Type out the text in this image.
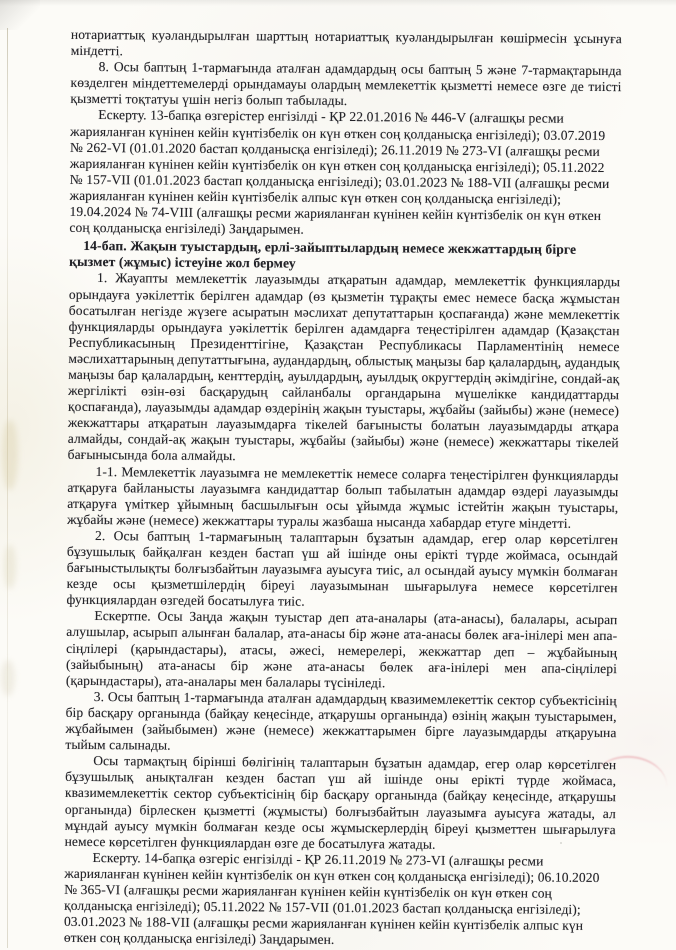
нотариаттық куәландырылған шарттың нотариаттық куәландырылған көшірмесін ұсынуға міндетті.

8. Осы баптың 1-тармағында аталған адамдардың осы баптың 5 және 7-тармақтарында көзделген міндеттемелерді орындамауы олардың мемлекеттік қызметті немесе өзге де тиісті қызметті тоқтатуы үшін негіз болып табылады.

Ескерту. 13-бапқа өзгерістер енгізілді - ҚР 22.01.2016 № 446-V (алғашқы ресми жарияланған күнінен кейін күнтізбелік он күн өткен соң қолданысқа енгізіледі); 03.07.2019 № 262-VI (01.01.2020 бастап қолданысқа енгізіледі); 26.11.2019 № 273-VI (алғашқы ресми жарияланған күнінен кейін күнтізбелік он күн өткен соң қолданысқа енгізіледі); 05.11.2022 № 157-VII (01.01.2023 бастап қолданысқа енгізіледі); 03.01.2023 № 188-VII (алғашқы ресми жарияланған күнінен кейін күнтізбелік алпыс күн өткен соң қолданысқа енгізіледі); 19.04.2024 № 74-VIII (алғашқы ресми жарияланған күнінен кейін күнтізбелік он күн өткен соң қолданысқа енгізіледі) Заңдарымен.

14-бап. Жақын туыстардың, ерлі-зайыптылардың немесе жекжаттардың бірге қызмет (жұмыс) істеуіне жол бермеу

1. Жауапты мемлекеттік лауазымды атқаратын адамдар, мемлекеттік функцияларды орындауға уәкілеттік берілген адамдар (өз қызметін тұрақты емес немесе басқа жұмыстан босатылған негізде жүзеге асыратын мәслихат депутаттарын қоспағанда) және мемлекеттік функцияларды орындауға уәкілеттік берілген адамдарға теңестірілген адамдар (Қазақстан Республикасының Президенттігіне, Қазақстан Республикасы Парламентінің немесе мәслихаттарының депутаттығына, аудандардың, облыстық маңызы бар қалалардың, аудандық маңызы бар қалалардың, кенттердің, ауылдардың, ауылдық округтердің әкімдігіне, сондай-ақ жергілікті өзін-өзі басқарудың сайланбалы органдарына мүшелікке кандидаттарды қоспағанда), лауазымды адамдар өздерінің жақын туыстары, жұбайы (зайыбы) және (немесе) жекжаттары атқаратын лауазымдарға тікелей бағынысты болатын лауазымдарды атқара алмайды, сондай-ақ жақын туыстары, жұбайы (зайыбы) және (немесе) жекжаттары тікелей бағынысында бола алмайды.

1-1. Мемлекеттік лауазымға не мемлекеттік немесе соларға теңестірілген функцияларды атқаруға байланысты лауазымға кандидаттар болып табылатын адамдар өздері лауазымды атқаруға үміткер ұйымның басшылығын осы ұйымда жұмыс істейтін жақын туыстары, жұбайы және (немесе) жекжаттары туралы жазбаша нысанда хабардар етуге міндетті.

2. Осы баптың 1-тармағының талаптарын бұзатын адамдар, егер олар көрсетілген бұзушылық байқалған кезден бастап үш ай ішінде оны ерікті түрде жоймаса, осындай бағыныстылықты болғызбайтын лауазымға ауысуға тиіс, ал осындай ауысу мүмкін болмаған кезде осы қызметшілердің біреуі лауазымынан шығарылуға немесе көрсетілген функциялардан өзгедей босатылуға тиіс.

Ескертпе. Осы Заңда жақын туыстар деп ата-аналары (ата-анасы), балалары, асырап алушылар, асырып алынған балалар, ата-анасы бір және ата-анасы бөлек аға-інілері мен апа-сіңлілері (қарындастары), атасы, әжесі, немерелері, жекжаттар деп – жұбайының (зайыбының) ата-анасы бір және ата-анасы бөлек аға-інілері мен апа-сіңлілері (қарындастары), ата-аналары мен балалары түсініледі.

3. Осы баптың 1-тармағында аталған адамдардың квазимемлекеттік сектор субъектісінің бір басқару органында (байқау кеңесінде, атқарушы органында) өзінің жақын туыстарымен, жұбайымен (зайыбымен) және (немесе) жекжаттарымен бірге лауазымдарды атқаруына тыйым салынады.

Осы тармақтың бірінші бөлігінің талаптарын бұзатын адамдар, егер олар көрсетілген бұзушылық анықталған кезден бастап үш ай ішінде оны ерікті түрде жоймаса, квазимемлекеттік сектор субъектісінің бір басқару органында (байқау кеңесінде, атқарушы органында) бірлескен қызметті (жұмысты) болғызбайтын лауазымға ауысуға жатады, ал мұндай ауысу мүмкін болмаған кезде осы жұмыскерлердің біреуі қызметтен шығарылуға немесе көрсетілген функциялардан өзге де босатылуға жатады.

Ескерту. 14-бапқа өзгеріс енгізілді - ҚР 26.11.2019 № 273-VI (алғашқы ресми жарияланған күнінен кейін күнтізбелік он күн өткен соң қолданысқа енгізіледі); 06.10.2020 № 365-VI (алғашқы ресми жарияланған күнінен кейін күнтізбелік он күн өткен соң қолданысқа енгізіледі); 05.11.2022 № 157-VII (01.01.2023 бастап қолданысқа енгізіледі); 03.01.2023 № 188-VII (алғашқы ресми жарияланған күнінен кейін күнтізбелік алпыс күн өткен соң қолданысқа енгізіледі) Заңдарымен.
